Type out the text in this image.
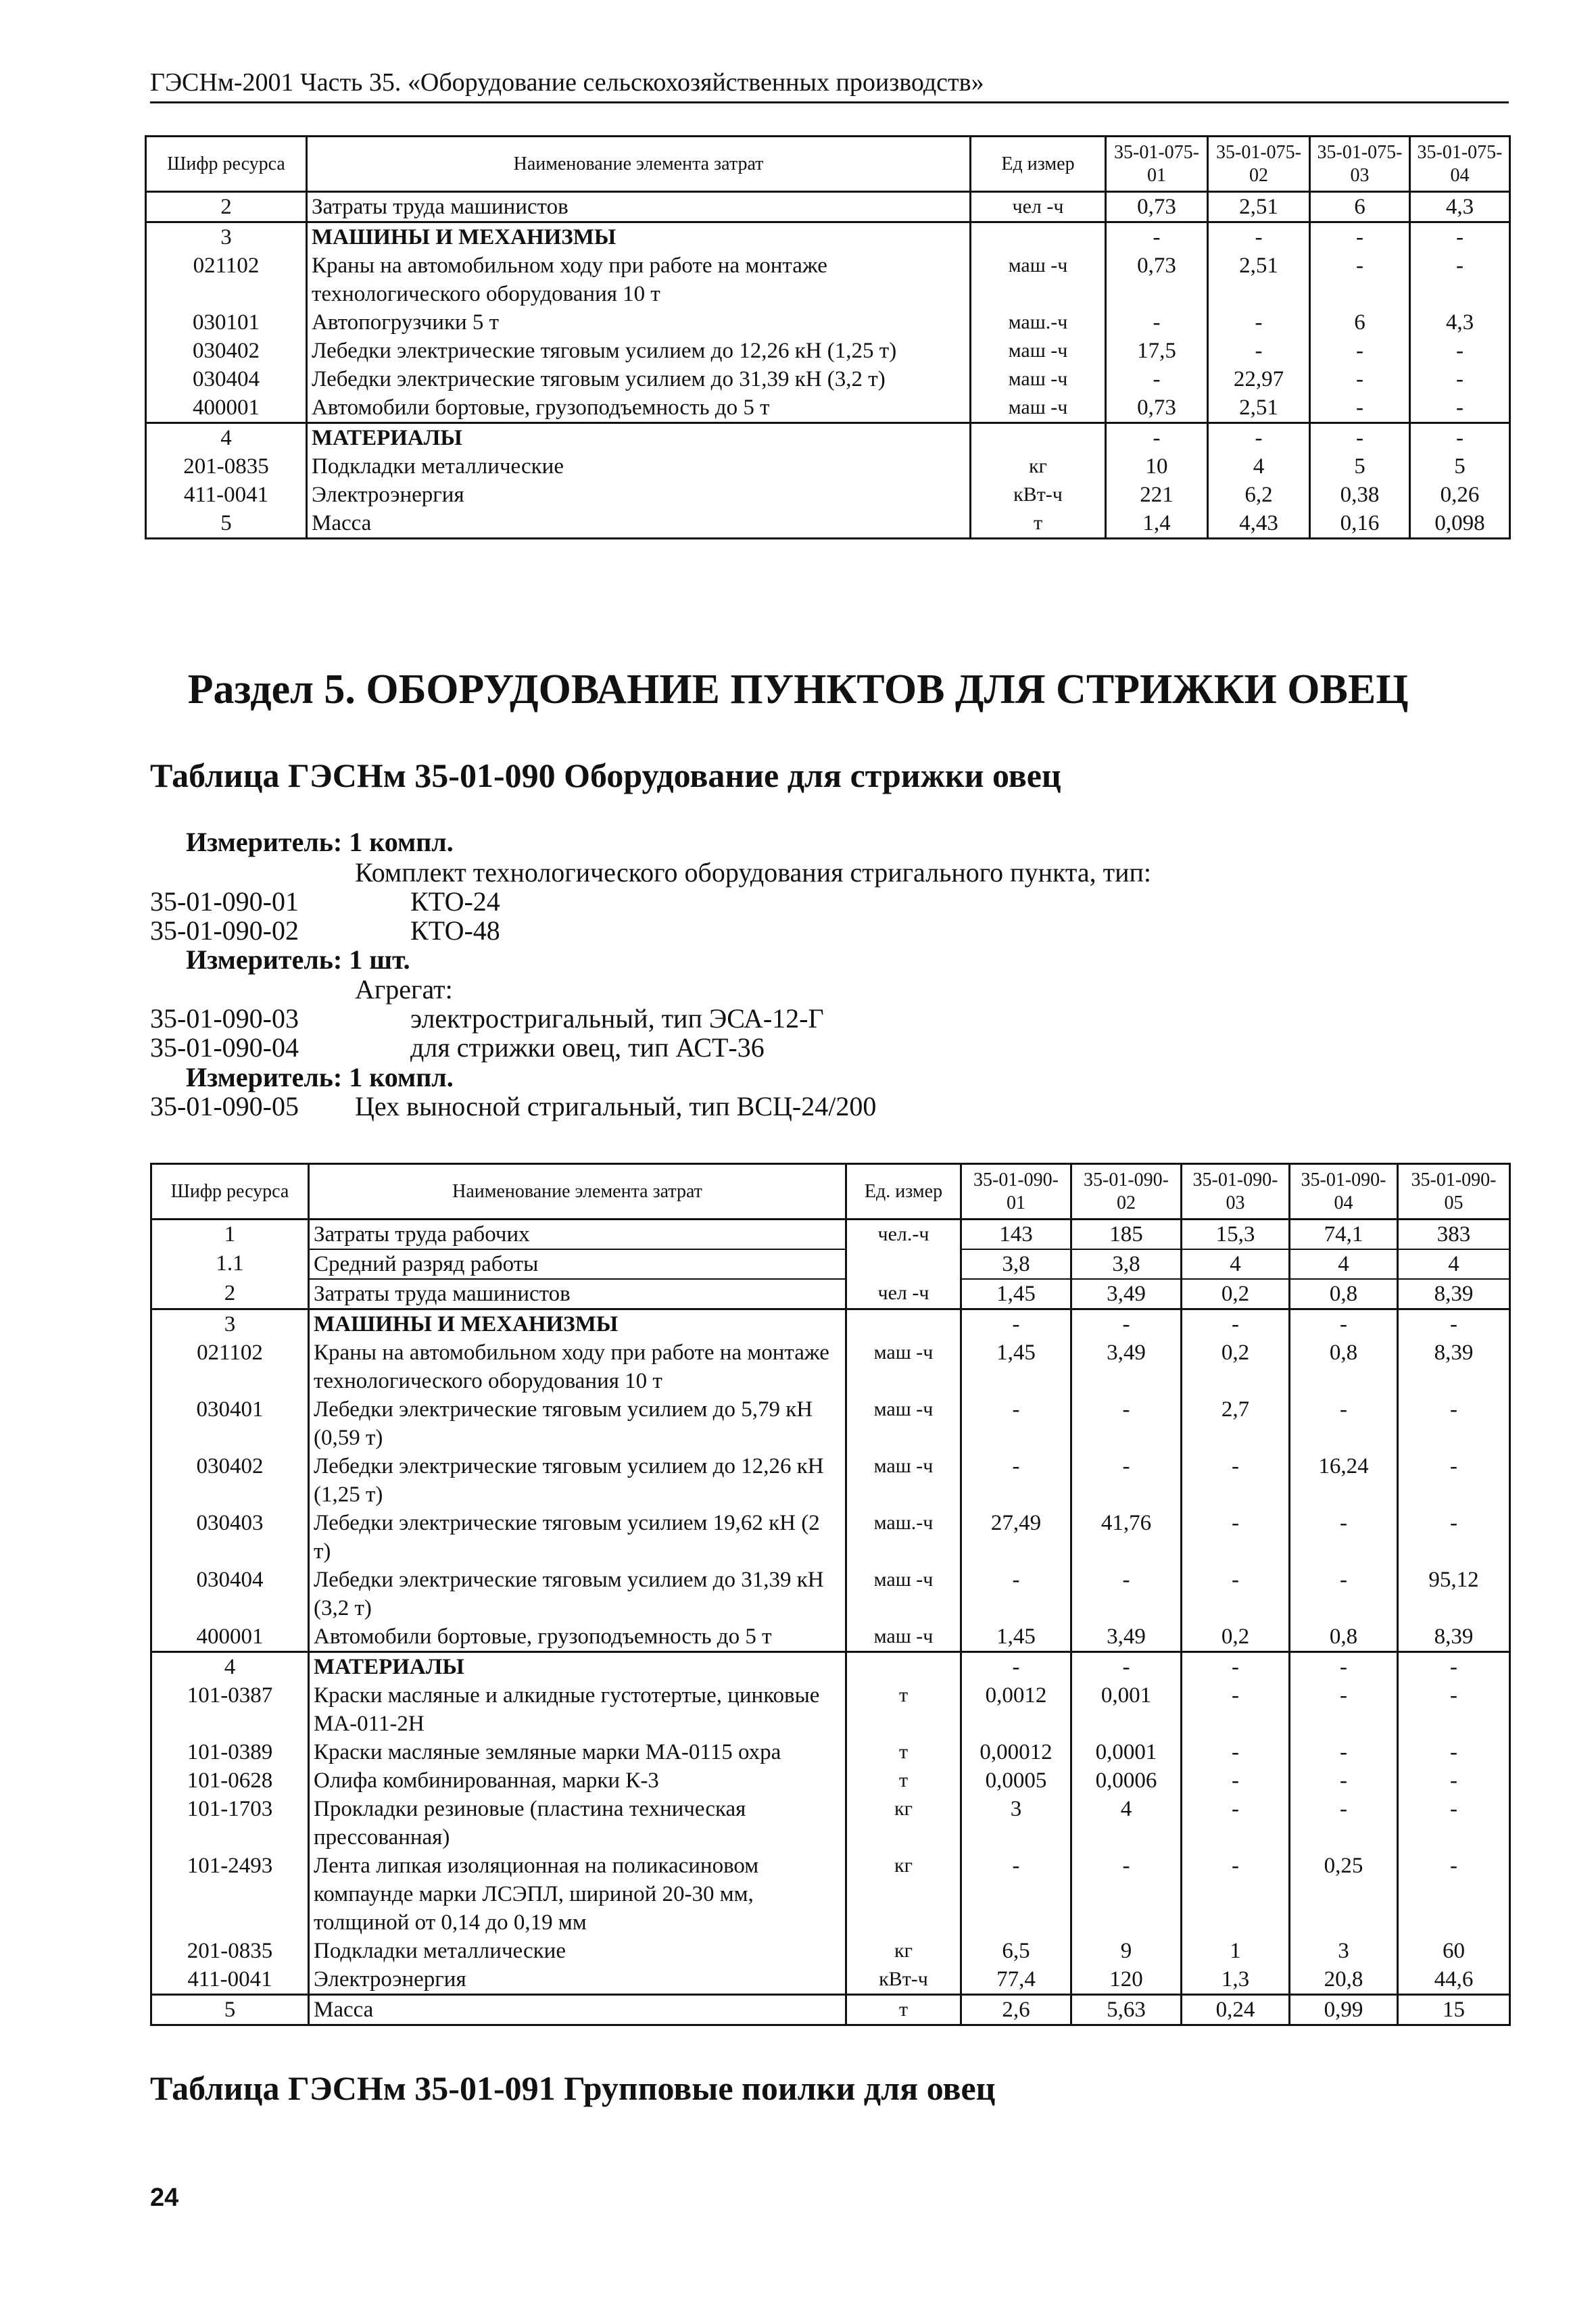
ГЭСНм-2001 Часть 35. «Оборудование сельскохозяйственных производств»
Шифр ресурса	Наименование элемента затрат	Ед измер	35-01-075-01	35-01-075-02	35-01-075-03	35-01-075-04
2	Затраты труда машинистов	чел -ч	0,73	2,51	6	4,3
3	МАШИНЫ И МЕХАНИЗМЫ		-	-	-	-
021102	Краны на автомобильном ходу при работе на монтаже технологического оборудования 10 т	маш -ч	0,73	2,51	-	-
030101	Автопогрузчики 5 т	маш.-ч	-	-	6	4,3
030402	Лебедки электрические тяговым усилием до 12,26 кН (1,25 т)	маш -ч	17,5	-	-	-
030404	Лебедки электрические тяговым усилием до 31,39 кН (3,2 т)	маш -ч	-	22,97	-	-
400001	Автомобили бортовые, грузоподъемность до 5 т	маш -ч	0,73	2,51	-	-
4	МАТЕРИАЛЫ		-	-	-	-
201-0835	Подкладки металлические	кг	10	4	5	5
411-0041	Электроэнергия	кВт-ч	221	6,2	0,38	0,26
5	Масса	т	1,4	4,43	0,16	0,098
Раздел 5. ОБОРУДОВАНИЕ ПУНКТОВ ДЛЯ СТРИЖКИ ОВЕЦ
Таблица ГЭСНм 35-01-090 Оборудование для стрижки овец
Измеритель: 1 компл.
Комплект технологического оборудования стригального пункта, тип:
35-01-090-01	КТО-24
35-01-090-02	КТО-48
Измеритель: 1 шт.
Агрегат:
35-01-090-03	электростригальный, тип ЭСА-12-Г
35-01-090-04	для стрижки овец, тип АСТ-36
Измеритель: 1 компл.
35-01-090-05 Цех выносной стригальный, тип ВСЦ-24/200
Шифр ресурса	Наименование элемента затрат	Ед. измер	35-01-090-01	35-01-090-02	35-01-090-03	35-01-090-04	35-01-090-05
1	Затраты труда рабочих	чел.-ч	143	185	15,3	74,1	383
1.1	Средний разряд работы		3,8	3,8	4	4	4
2	Затраты труда машинистов	чел -ч	1,45	3,49	0,2	0,8	8,39
3	МАШИНЫ И МЕХАНИЗМЫ		-	-	-	-	-
021102	Краны на автомобильном ходу при работе на монтаже технологического оборудования 10 т	маш -ч	1,45	3,49	0,2	0,8	8,39
030401	Лебедки электрические тяговым усилием до 5,79 кН (0,59 т)	маш -ч	-	-	2,7	-	-
030402	Лебедки электрические тяговым усилием до 12,26 кН (1,25 т)	маш -ч	-	-	-	16,24	-
030403	Лебедки электрические тяговым усилием 19,62 кН (2 т)	маш.-ч	27,49	41,76	-	-	-
030404	Лебедки электрические тяговым усилием до 31,39 кН (3,2 т)	маш -ч	-	-	-	-	95,12
400001	Автомобили бортовые, грузоподъемность до 5 т	маш -ч	1,45	3,49	0,2	0,8	8,39
4	МАТЕРИАЛЫ		-	-	-	-	-
101-0387	Краски масляные и алкидные густотертые, цинковые МА-011-2Н	т	0,0012	0,001	-	-	-
101-0389	Краски масляные земляные марки МА-0115 охра	т	0,00012	0,0001	-	-	-
101-0628	Олифа комбинированная, марки К-3	т	0,0005	0,0006	-	-	-
101-1703	Прокладки резиновые (пластина техническая прессованная)	кг	3	4	-	-	-
101-2493	Лента липкая изоляционная на поликасиновом компаунде марки ЛСЭПЛ, шириной 20-30 мм, толщиной от 0,14 до 0,19 мм	кг	-	-	-	0,25	-
201-0835	Подкладки металлические	кг	6,5	9	1	3	60
411-0041	Электроэнергия	кВт-ч	77,4	120	1,3	20,8	44,6
5	Масса	т	2,6	5,63	0,24	0,99	15
Таблица ГЭСНм 35-01-091 Групповые поилки для овец
24
